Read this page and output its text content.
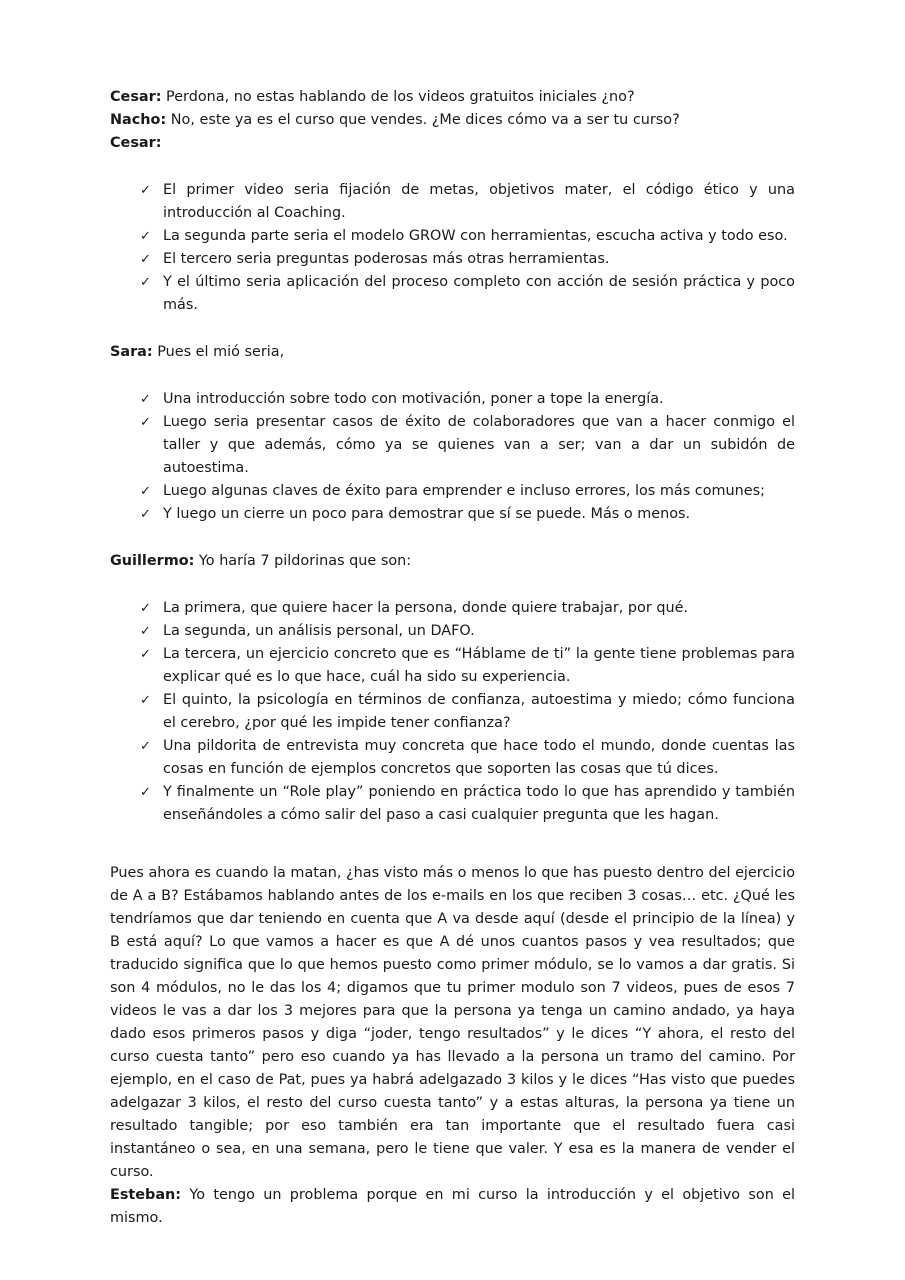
Cesar: Perdona, no estas hablando de los videos gratuitos iniciales ¿no?

Nacho: No, este ya es el curso que vendes. ¿Me dices cómo va a ser tu curso?

Cesar:

✓ El primer video seria fijación de metas, objetivos mater, el código ético y una introducción al Coaching.
✓ La segunda parte seria el modelo GROW con herramientas, escucha activa y todo eso.
✓ El tercero seria preguntas poderosas más otras herramientas.
✓ Y el último seria aplicación del proceso completo con acción de sesión práctica y poco más.

Sara: Pues el mió seria,

✓ Una introducción sobre todo con motivación, poner a tope la energía.
✓ Luego seria presentar casos de éxito de colaboradores que van a hacer conmigo el taller y que además, cómo ya se quienes van a ser; van a dar un subidón de autoestima.
✓ Luego algunas claves de éxito para emprender e incluso errores, los más comunes;
✓ Y luego un cierre un poco para demostrar que sí se puede. Más o menos.

Guillermo: Yo haría 7 pildorinas que son:

✓ La primera, que quiere hacer la persona, donde quiere trabajar, por qué.
✓ La segunda, un análisis personal, un DAFO.
✓ La tercera, un ejercicio concreto que es “Háblame de ti” la gente tiene problemas para explicar qué es lo que hace, cuál ha sido su experiencia.
✓ El quinto, la psicología en términos de confianza, autoestima y miedo; cómo funciona el cerebro, ¿por qué les impide tener confianza?
✓ Una pildorita de entrevista muy concreta que hace todo el mundo, donde cuentas las cosas en función de ejemplos concretos que soporten las cosas que tú dices.
✓ Y finalmente un “Role play” poniendo en práctica todo lo que has aprendido y también enseñándoles a cómo salir del paso a casi cualquier pregunta que les hagan.

Pues ahora es cuando la matan, ¿has visto más o menos lo que has puesto dentro del ejercicio de A a B? Estábamos hablando antes de los e-mails en los que reciben 3 cosas… etc. ¿Qué les tendríamos que dar teniendo en cuenta que A va desde aquí (desde el principio de la línea) y B está aquí? Lo que vamos a hacer es que A dé unos cuantos pasos y vea resultados; que traducido significa que lo que hemos puesto como primer módulo, se lo vamos a dar gratis. Si son 4 módulos, no le das los 4; digamos que tu primer modulo son 7 videos, pues de esos 7 videos le vas a dar los 3 mejores para que la persona ya tenga un camino andado, ya haya dado esos primeros pasos y diga “joder, tengo resultados” y le dices “Y ahora, el resto del curso cuesta tanto” pero eso cuando ya has llevado a la persona un tramo del camino. Por ejemplo, en el caso de Pat, pues ya habrá adelgazado 3 kilos y le dices “Has visto que puedes adelgazar 3 kilos, el resto del curso cuesta tanto” y a estas alturas, la persona ya tiene un resultado tangible; por eso también era tan importante que el resultado fuera casi instantáneo o sea, en una semana, pero le tiene que valer. Y esa es la manera de vender el curso.

Esteban: Yo tengo un problema porque en mi curso la introducción y el objetivo son el mismo.
